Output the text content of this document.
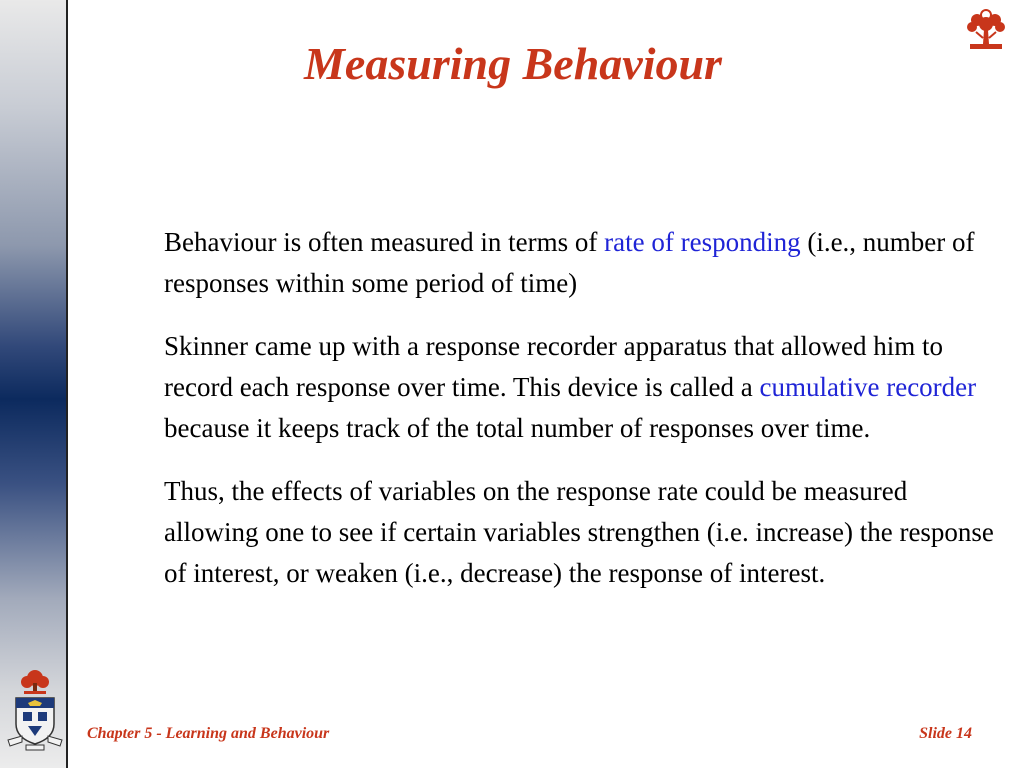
Measuring Behaviour

Behaviour is often measured in terms of rate of responding (i.e., number of responses within some period of time)

Skinner came up with a response recorder apparatus that allowed him to record each response over time. This device is called a cumulative recorder because it keeps track of the total number of responses over time.

Thus, the effects of variables on the response rate could be measured allowing one to see if certain variables strengthen (i.e. increase) the response of interest, or weaken (i.e., decrease) the response of interest.

Chapter 5 - Learning and Behaviour	Slide 14
